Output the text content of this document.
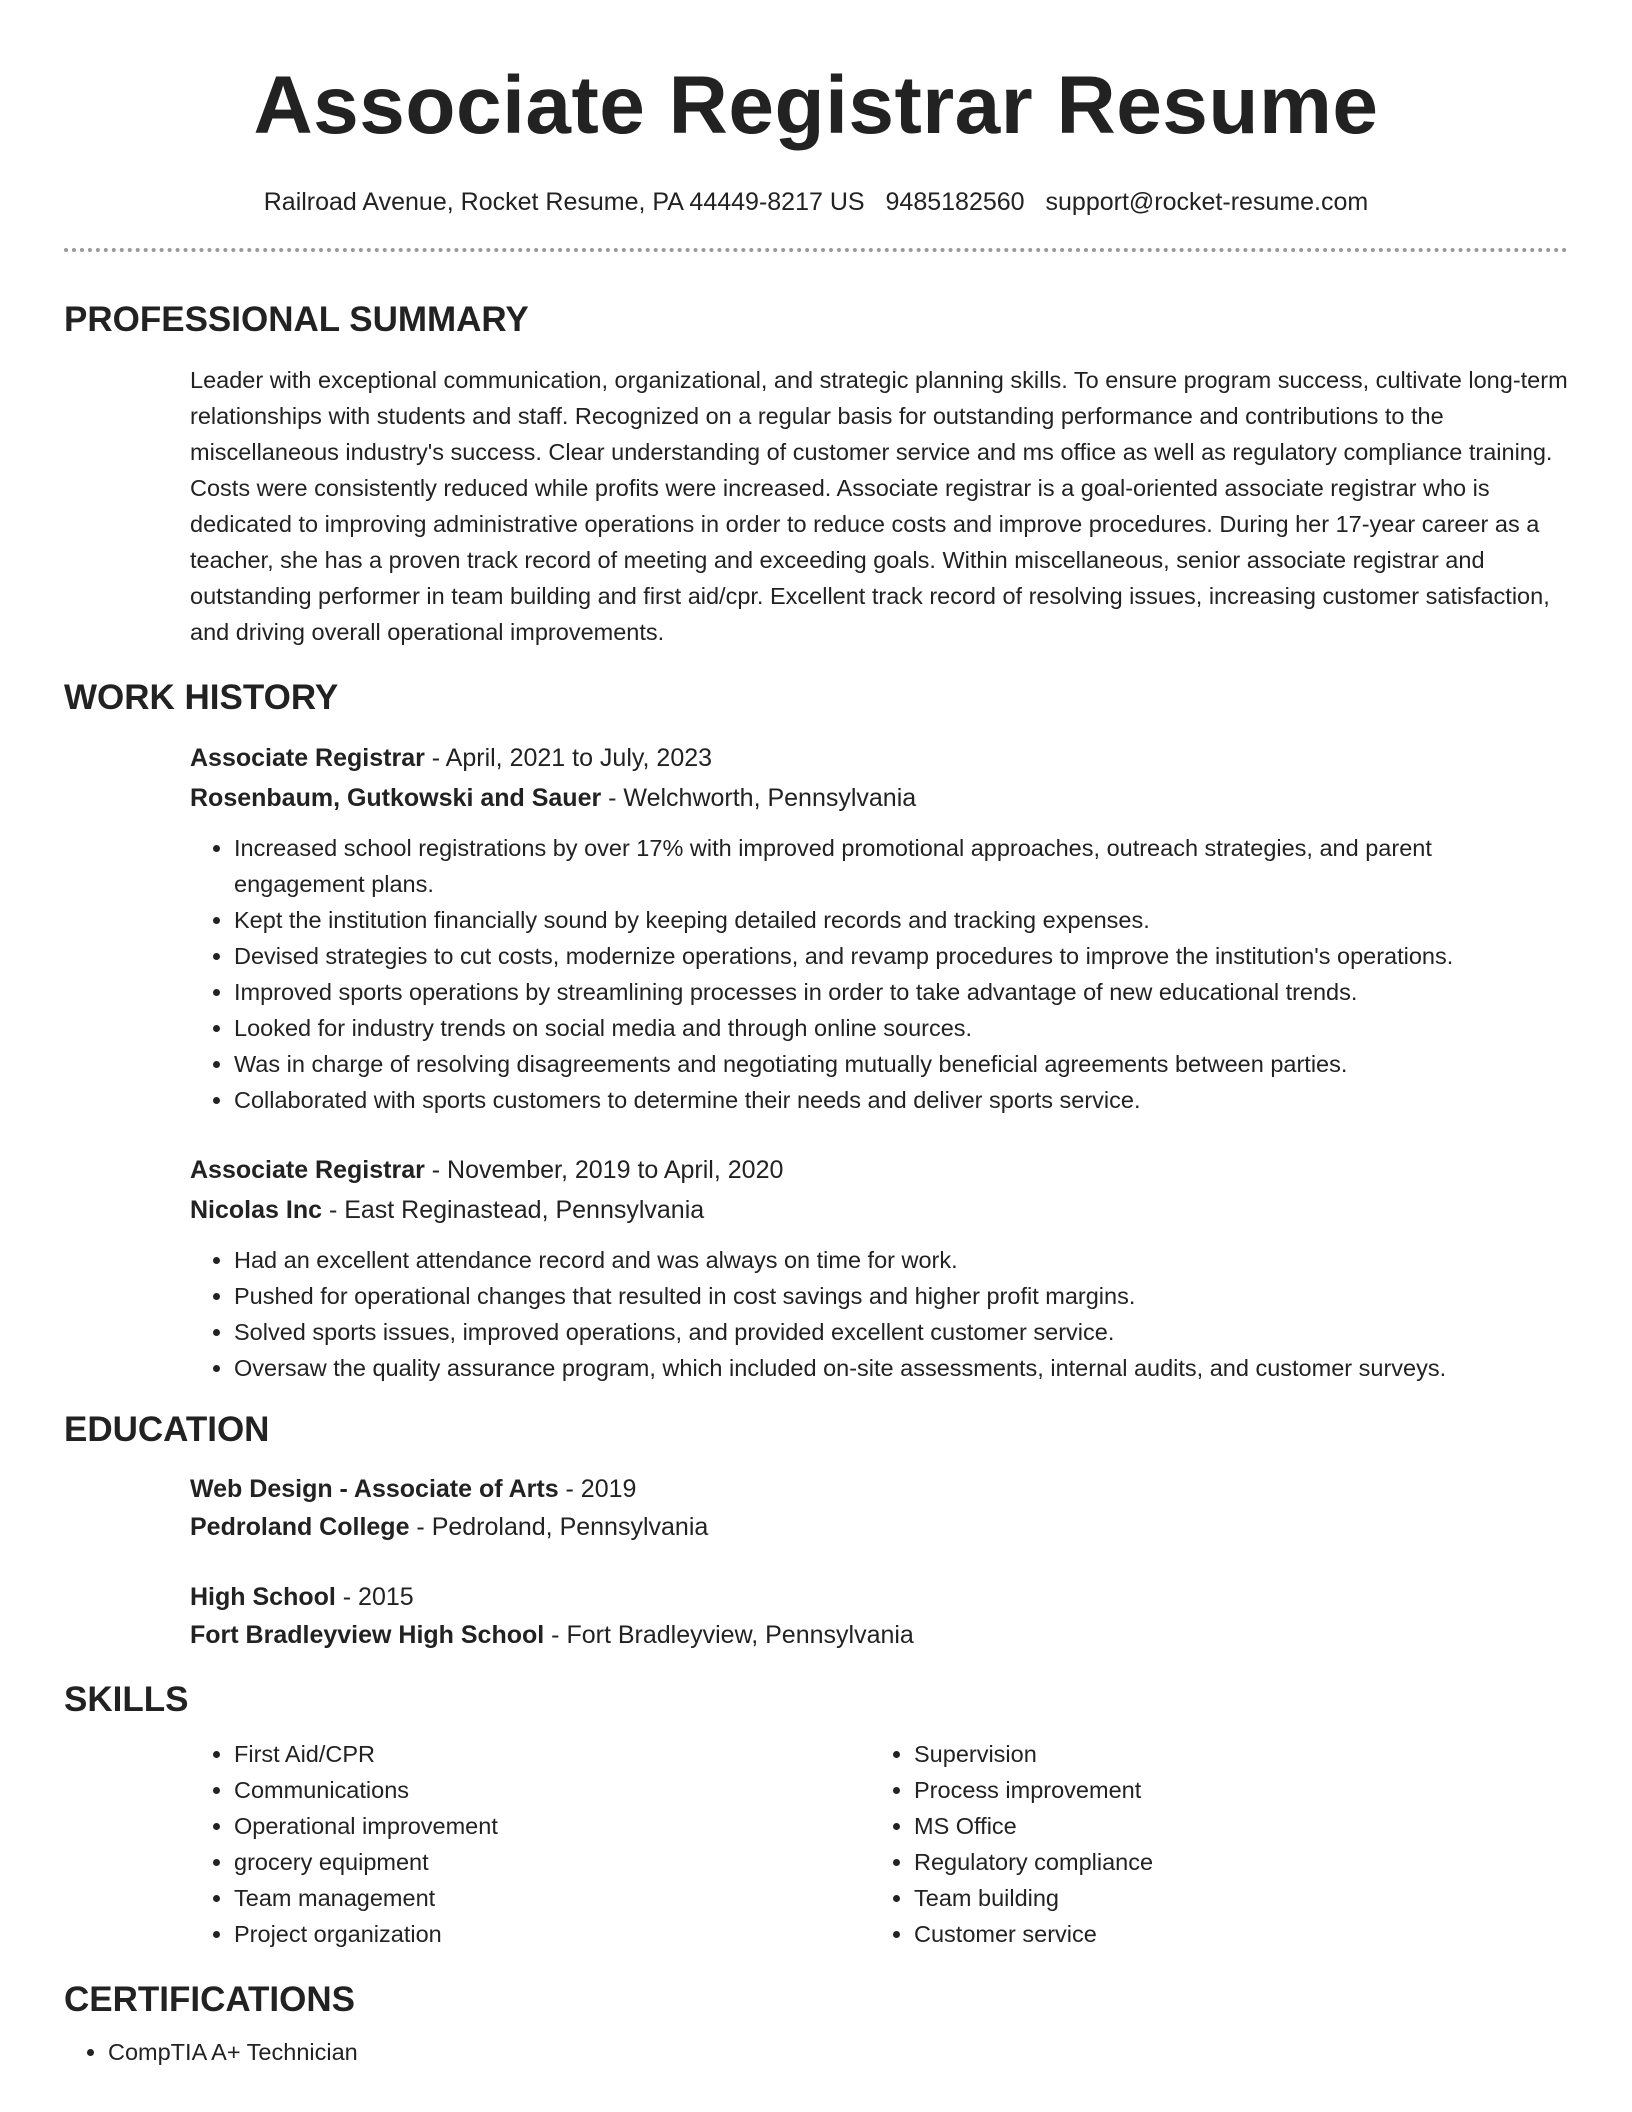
Associate Registrar Resume
Railroad Avenue, Rocket Resume, PA 44449-8217 US 9485182560 support@rocket-resume.com
PROFESSIONAL SUMMARY
Leader with exceptional communication, organizational, and strategic planning skills. To ensure program success, cultivate long-term relationships with students and staff. Recognized on a regular basis for outstanding performance and contributions to the miscellaneous industry's success. Clear understanding of customer service and ms office as well as regulatory compliance training. Costs were consistently reduced while profits were increased. Associate registrar is a goal-oriented associate registrar who is dedicated to improving administrative operations in order to reduce costs and improve procedures. During her 17-year career as a teacher, she has a proven track record of meeting and exceeding goals. Within miscellaneous, senior associate registrar and outstanding performer in team building and first aid/cpr. Excellent track record of resolving issues, increasing customer satisfaction, and driving overall operational improvements.
WORK HISTORY
Associate Registrar - April, 2021 to July, 2023
Rosenbaum, Gutkowski and Sauer - Welchworth, Pennsylvania
• Increased school registrations by over 17% with improved promotional approaches, outreach strategies, and parent engagement plans.
• Kept the institution financially sound by keeping detailed records and tracking expenses.
• Devised strategies to cut costs, modernize operations, and revamp procedures to improve the institution's operations.
• Improved sports operations by streamlining processes in order to take advantage of new educational trends.
• Looked for industry trends on social media and through online sources.
• Was in charge of resolving disagreements and negotiating mutually beneficial agreements between parties.
• Collaborated with sports customers to determine their needs and deliver sports service.
Associate Registrar - November, 2019 to April, 2020
Nicolas Inc - East Reginastead, Pennsylvania
• Had an excellent attendance record and was always on time for work.
• Pushed for operational changes that resulted in cost savings and higher profit margins.
• Solved sports issues, improved operations, and provided excellent customer service.
• Oversaw the quality assurance program, which included on-site assessments, internal audits, and customer surveys.
EDUCATION
Web Design - Associate of Arts - 2019
Pedroland College - Pedroland, Pennsylvania
High School - 2015
Fort Bradleyview High School - Fort Bradleyview, Pennsylvania
SKILLS
• First Aid/CPR
• Communications
• Operational improvement
• grocery equipment
• Team management
• Project organization
• Supervision
• Process improvement
• MS Office
• Regulatory compliance
• Team building
• Customer service
CERTIFICATIONS
• CompTIA A+ Technician
